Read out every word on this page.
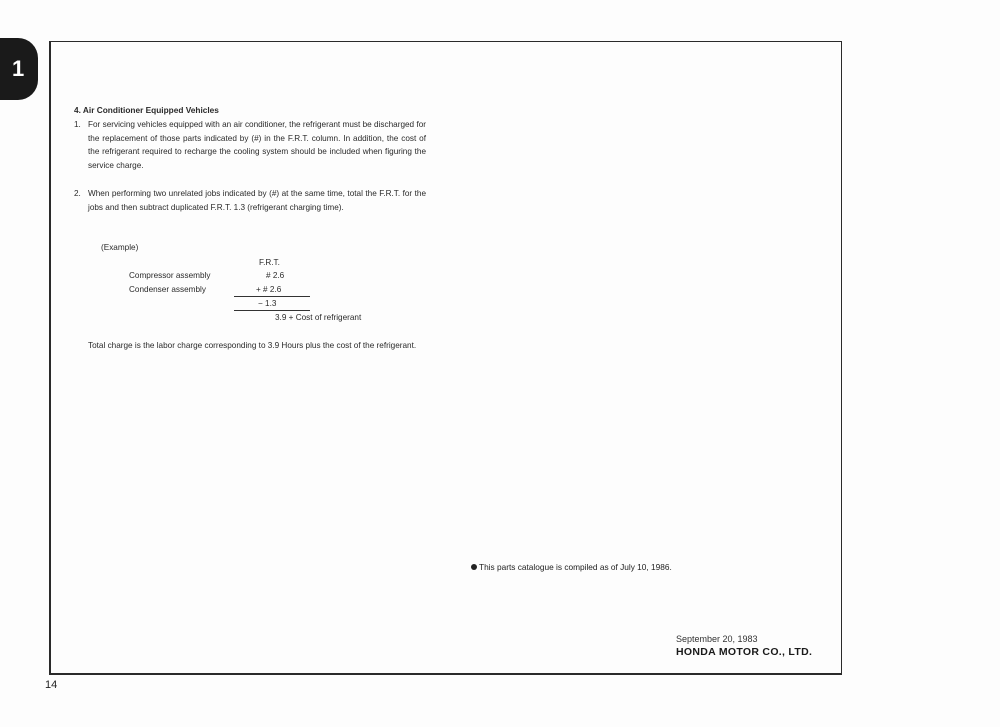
1
4. Air Conditioner Equipped Vehicles
1. For servicing vehicles equipped with an air conditioner, the refrigerant must be discharged for the replacement of those parts indicated by (#) in the F.R.T. column. In addition, the cost of the refrigerant required to recharge the cooling system should be included when figuring the service charge.
2. When performing two unrelated jobs indicated by (#) at the same time, total the F.R.T. for the jobs and then subtract duplicated F.R.T. 1.3 (refrigerant charging time).
(Example)
F.R.T.
Compressor assembly	# 2.6
Condenser assembly	+ # 2.6
− 1.3
3.9 + Cost of refrigerant
Total charge is the labor charge corresponding to 3.9 Hours plus the cost of the refrigerant.
This parts catalogue is compiled as of July 10, 1986.
September 20, 1983
HONDA MOTOR CO., LTD.
14
